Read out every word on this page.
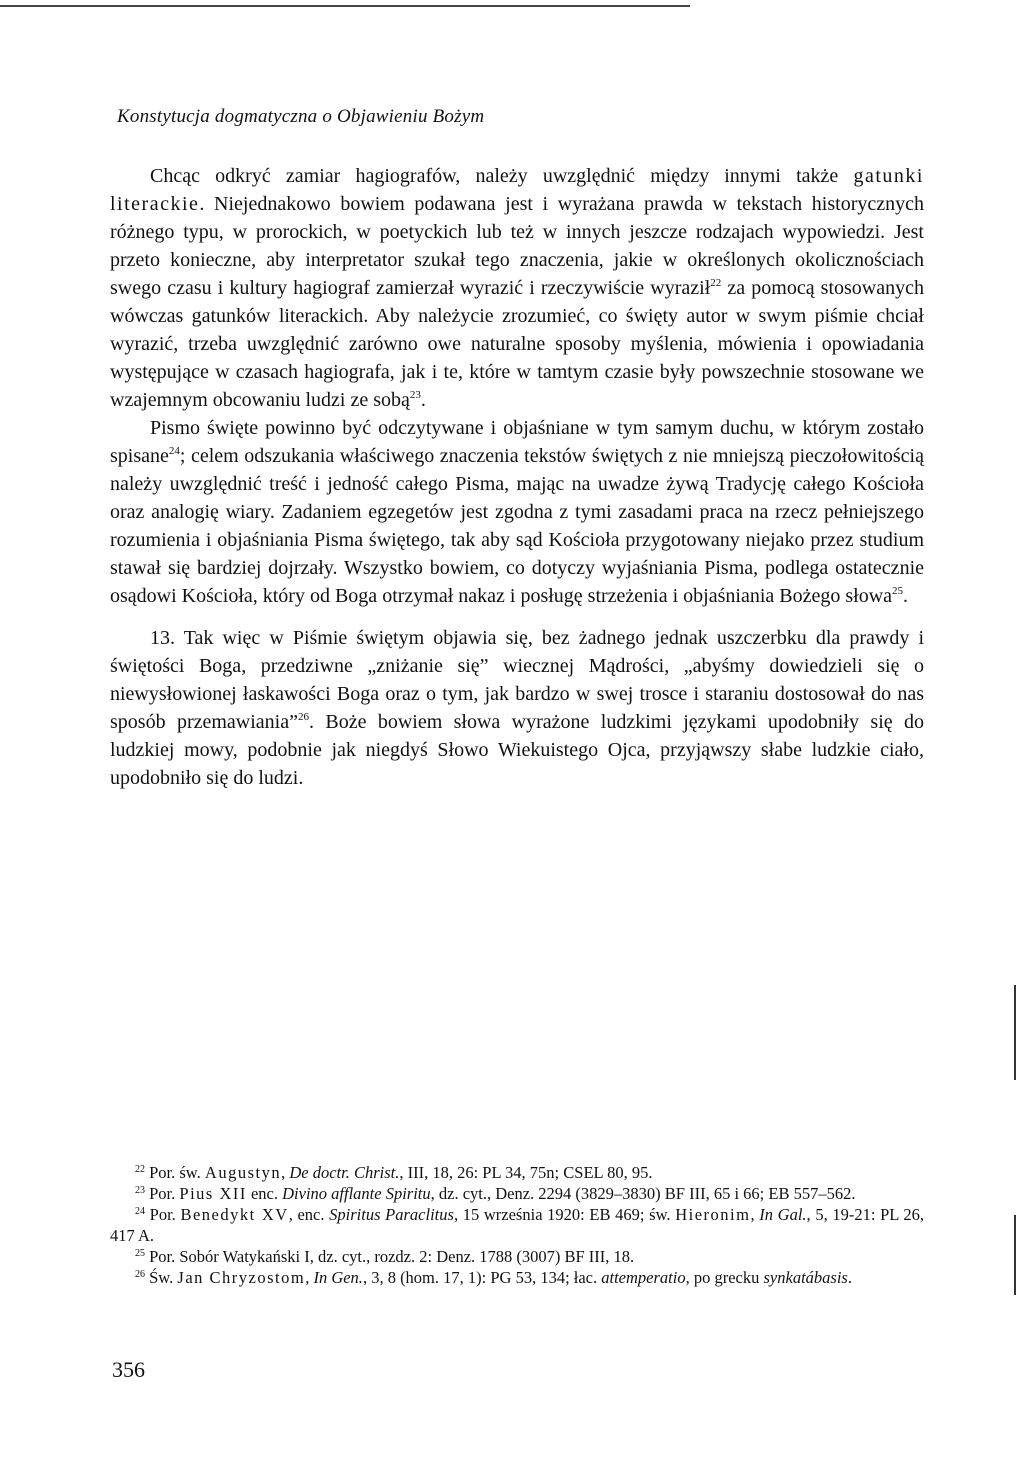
Konstytucja dogmatyczna o Objawieniu Bożym

Chcąc odkryć zamiar hagiografów, należy uwzględnić między innymi także gatunki literackie. Niejednakowo bowiem podawana jest i wyrażana prawda w tekstach historycznych różnego typu, w prorockich, w poetyckich lub też w innych jeszcze rodzajach wypowiedzi. Jest przeto konieczne, aby interpretator szukał tego znaczenia, jakie w określonych okolicznościach swego czasu i kultury hagiograf zamierzał wyrazić i rzeczywiście wyraził$^{22}$ za pomocą stosowanych wówczas gatunków literackich. Aby należycie zrozumieć, co święty autor w swym piśmie chciał wyrazić, trzeba uwzględnić zarówno owe naturalne sposoby myślenia, mówienia i opowiadania występujące w czasach hagiografa, jak i te, które w tamtym czasie były powszechnie stosowane we wzajemnym obcowaniu ludzi ze sobą$^{23}$.

Pismo święte powinno być odczytywane i objaśniane w tym samym duchu, w którym zostało spisane$^{24}$; celem odszukania właściwego znaczenia tekstów świętych z nie mniejszą pieczołowitością należy uwzględnić treść i jedność całego Pisma, mając na uwadze żywą Tradycję całego Kościoła oraz analogię wiary. Zadaniem egzegetów jest zgodna z tymi zasadami praca na rzecz pełniejszego rozumienia i objaśniania Pisma świętego, tak aby sąd Kościoła przygotowany niejako przez studium stawał się bardziej dojrzały. Wszystko bowiem, co dotyczy wyjaśniania Pisma, podlega ostatecznie osądowi Kościoła, który od Boga otrzymał nakaz i posługę strzeżenia i objaśniania Bożego słowa$^{25}$.

13. Tak więc w Piśmie świętym objawia się, bez żadnego jednak uszczerbku dla prawdy i świętości Boga, przedziwne „zniżanie się” wiecznej Mądrości, „abyśmy dowiedzieli się o niewysłowionej łaskawości Boga oraz o tym, jak bardzo w swej trosce i staraniu dostosował do nas sposób przemawiania”$^{26}$. Boże bowiem słowa wyrażone ludzkimi językami upodobniły się do ludzkiej mowy, podobnie jak niegdyś Słowo Wiekuistego Ojca, przyjąwszy słabe ludzkie ciało, upodobniło się do ludzi.

$^{22}$ Por. św. Augustyn, De doctr. Christ., III, 18, 26: PL 34, 75n; CSEL 80, 95.

$^{23}$ Por. Pius XII enc. Divino afflante Spiritu, dz. cyt., Denz. 2294 (3829–3830) BF III, 65 i 66; EB 557–562.

$^{24}$ Por. Benedykt XV, enc. Spiritus Paraclitus, 15 września 1920: EB 469; św. Hieronim, In Gal., 5, 19-21: PL 26, 417 A.

$^{25}$ Por. Sobór Watykański I, dz. cyt., rozdz. 2: Denz. 1788 (3007) BF III, 18.

$^{26}$ Św. Jan Chryzostom, In Gen., 3, 8 (hom. 17, 1): PG 53, 134; łac. attemperatio, po grecku synkatábasis.

356
